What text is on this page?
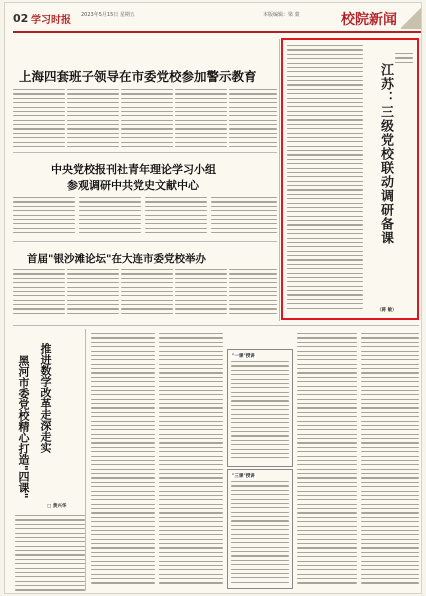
02 学习时报 2023年5月15日 星期五	本版编辑：梁 蒙	校院新闻
上海四套班子领导在市委党校参加警示教育
中央党校报刊社青年理论学习小组
参观调研中共党史文献中心
首届"银沙滩论坛"在大连市委党校举办
江苏：三级党校联动调研备课
（蒋 敏）
黑河市委党校精心打造"四课" 推进数学改革走深走实
□ 黄兴华
"一课"授讲
"三课"授讲
